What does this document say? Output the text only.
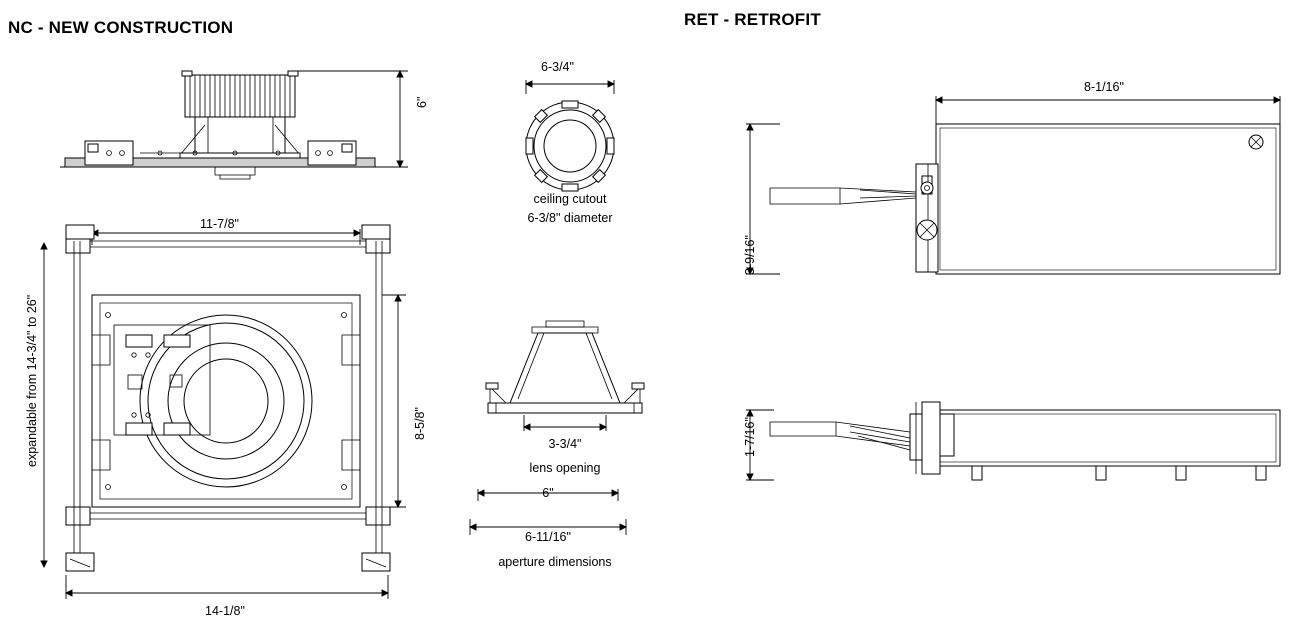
NC - NEW CONSTRUCTION	RET - RETROFIT
6"
11-7/8"
14-1/8"
8-5/8"
expandable from 14-3/4" to 26"
6-3/4"
ceiling cutout
6-3/8" diameter
3-3/4"
lens opening
6"
6-11/16"
aperture dimensions
8-1/16"
3-9/16"
1-7/16"
